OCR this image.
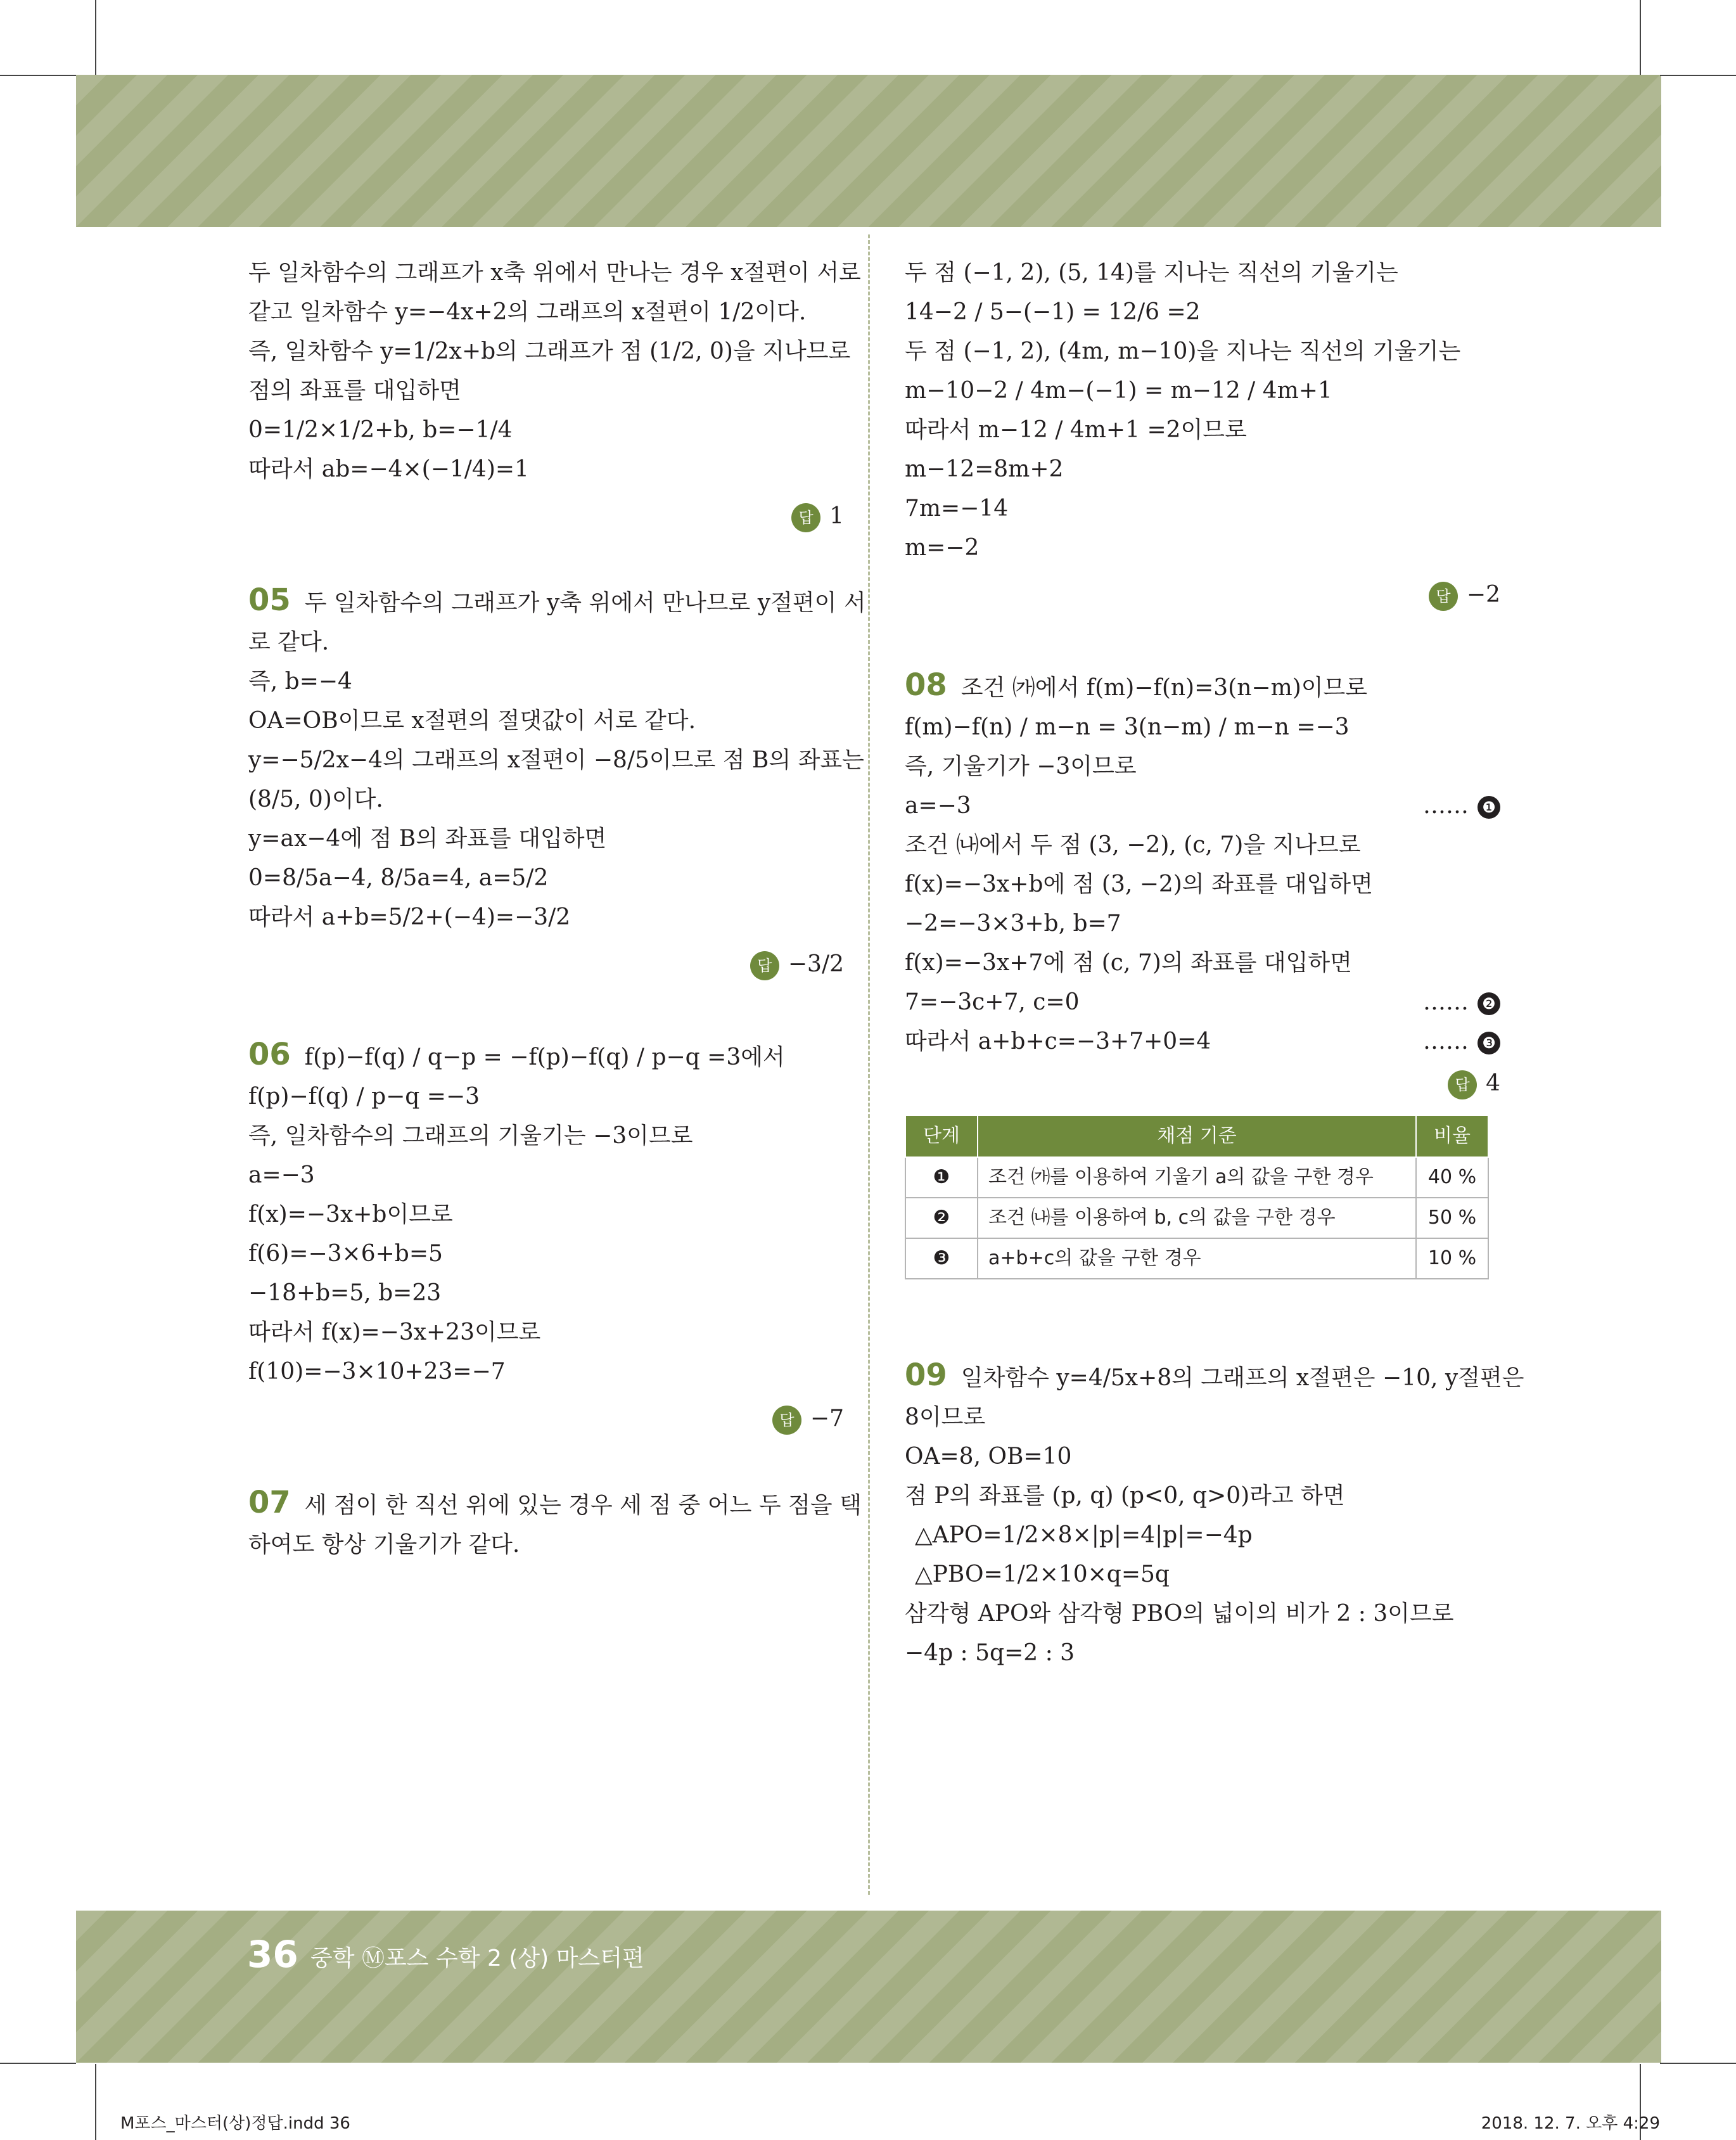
두 일차함수의 그래프가 x축 위에서 만나는 경우 x절편이 서로

같고 일차함수 y=−4x+2의 그래프의 x절편이 1/2이다.

즉, 일차함수 y=1/2x+b의 그래프가 점 (1/2, 0)을 지나므로

점의 좌표를 대입하면

0=1/2×1/2+b, b=−1/4

따라서 ab=−4×(−1/4)=1

답 1

05 두 일차함수의 그래프가 y축 위에서 만나므로 y절편이 서

로 같다.

즉, b=−4

OA=OB이므로 x절편의 절댓값이 서로 같다.

y=−5/2x−4의 그래프의 x절편이 −8/5이므로 점 B의 좌표는

(8/5, 0)이다.

y=ax−4에 점 B의 좌표를 대입하면

0=8/5a−4, 8/5a=4, a=5/2

따라서 a+b=5/2+(−4)=−3/2

답 −3/2

06 f(p)−f(q) / q−p = −f(p)−f(q) / p−q =3에서

f(p)−f(q) / p−q =−3

즉, 일차함수의 그래프의 기울기는 −3이므로

a=−3

f(x)=−3x+b이므로

f(6)=−3×6+b=5

−18+b=5, b=23

따라서 f(x)=−3x+23이므로

f(10)=−3×10+23=−7

답 −7

07 세 점이 한 직선 위에 있는 경우 세 점 중 어느 두 점을 택

하여도 항상 기울기가 같다.

두 점 (−1, 2), (5, 14)를 지나는 직선의 기울기는

14−2 / 5−(−1) = 12/6 =2

두 점 (−1, 2), (4m, m−10)을 지나는 직선의 기울기는

m−10−2 / 4m−(−1) = m−12 / 4m+1

따라서 m−12 / 4m+1 =2이므로

m−12=8m+2

7m=−14

m=−2

답 −2

08 조건 ㈎에서 f(m)−f(n)=3(n−m)이므로

f(m)−f(n) / m−n = 3(n−m) / m−n =−3

즉, 기울기가 −3이므로

a=−3	…… ❶

조건 ㈏에서 두 점 (3, −2), (c, 7)을 지나므로

f(x)=−3x+b에 점 (3, −2)의 좌표를 대입하면

−2=−3×3+b, b=7

f(x)=−3x+7에 점 (c, 7)의 좌표를 대입하면

7=−3c+7, c=0	…… ❷

따라서 a+b+c=−3+7+0=4	…… ❸

답 4
단계	채점 기준	비율
❶	조건 ㈎를 이용하여 기울기 a의 값을 구한 경우	40 %
❷	조건 ㈏를 이용하여 b, c의 값을 구한 경우	50 %
❸	a+b+c의 값을 구한 경우	10 %

09 일차함수 y=4/5x+8의 그래프의 x절편은 −10, y절편은

8이므로

OA=8, OB=10

점 P의 좌표를 (p, q) (p<0, q>0)라고 하면

△APO=1/2×8×|p|=4|p|=−4p

△PBO=1/2×10×q=5q

삼각형 APO와 삼각형 PBO의 넓이의 비가 2 : 3이므로

−4p : 5q=2 : 3

36 중학 Ⓜ포스 수학 2 (상) 마스터편
M포스_마스터(상)정답.indd 36	2018. 12. 7. 오후 4:29
